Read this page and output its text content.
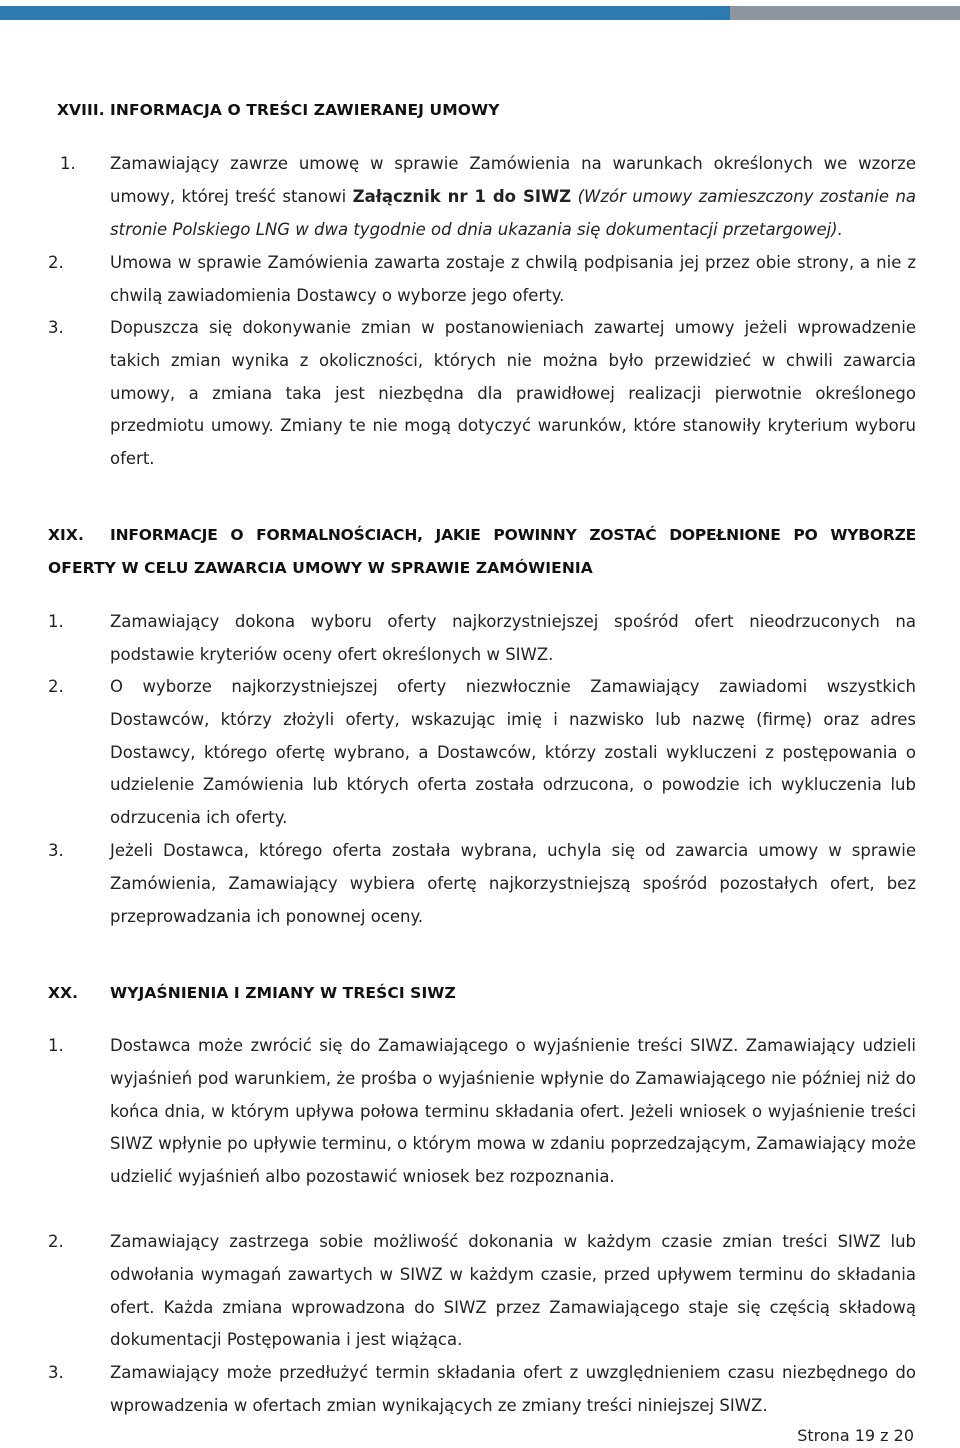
XVIII. INFORMACJA O TREŚCI ZAWIERANEJ UMOWY
1. Zamawiający zawrze umowę w sprawie Zamówienia na warunkach określonych we wzorze umowy, której treść stanowi Załącznik nr 1 do SIWZ (Wzór umowy zamieszczony zostanie na stronie Polskiego LNG w dwa tygodnie od dnia ukazania się dokumentacji przetargowej).
2.	Umowa w sprawie Zamówienia zawarta zostaje z chwilą podpisania jej przez obie strony, a nie z chwilą zawiadomienia Dostawcy o wyborze jego oferty.
3.	Dopuszcza się dokonywanie zmian w postanowieniach zawartej umowy jeżeli wprowadzenie takich zmian wynika z okoliczności, których nie można było przewidzieć w chwili zawarcia umowy, a zmiana taka jest niezbędna dla prawidłowej realizacji pierwotnie określonego przedmiotu umowy. Zmiany te nie mogą dotyczyć warunków, które stanowiły kryterium wyboru ofert.
XIX. INFORMACJE O FORMALNOŚCIACH, JAKIE POWINNY ZOSTAĆ DOPEŁNIONE PO WYBORZE
OFERTY W CELU ZAWARCIA UMOWY W SPRAWIE ZAMÓWIENIA
1.	Zamawiający dokona wyboru oferty najkorzystniejszej spośród ofert nieodrzuconych na podstawie kryteriów oceny ofert określonych w SIWZ.
2.	O wyborze najkorzystniejszej oferty niezwłocznie Zamawiający zawiadomi wszystkich Dostawców, którzy złożyli oferty, wskazując imię i nazwisko lub nazwę (firmę) oraz adres Dostawcy, którego ofertę wybrano, a Dostawców, którzy zostali wykluczeni z postępowania o udzielenie Zamówienia lub których oferta została odrzucona, o powodzie ich wykluczenia lub odrzucenia ich oferty.
3.	Jeżeli Dostawca, którego oferta została wybrana, uchyla się od zawarcia umowy w sprawie Zamówienia, Zamawiający wybiera ofertę najkorzystniejszą spośród pozostałych ofert, bez przeprowadzania ich ponownej oceny.
XX. WYJAŚNIENIA I ZMIANY W TREŚCI SIWZ
1.	Dostawca może zwrócić się do Zamawiającego o wyjaśnienie treści SIWZ. Zamawiający udzieli wyjaśnień pod warunkiem, że prośba o wyjaśnienie wpłynie do Zamawiającego nie później niż do końca dnia, w którym upływa połowa terminu składania ofert. Jeżeli wniosek o wyjaśnienie treści SIWZ wpłynie po upływie terminu, o którym mowa w zdaniu poprzedzającym, Zamawiający może udzielić wyjaśnień albo pozostawić wniosek bez rozpoznania.
2.	Zamawiający zastrzega sobie możliwość dokonania w każdym czasie zmian treści SIWZ lub odwołania wymagań zawartych w SIWZ w każdym czasie, przed upływem terminu do składania ofert. Każda zmiana wprowadzona do SIWZ przez Zamawiającego staje się częścią składową dokumentacji Postępowania i jest wiążąca.
3.	Zamawiający może przedłużyć termin składania ofert z uwzględnieniem czasu niezbędnego do wprowadzenia w ofertach zmian wynikających ze zmiany treści niniejszej SIWZ.
Strona 19 z 20
